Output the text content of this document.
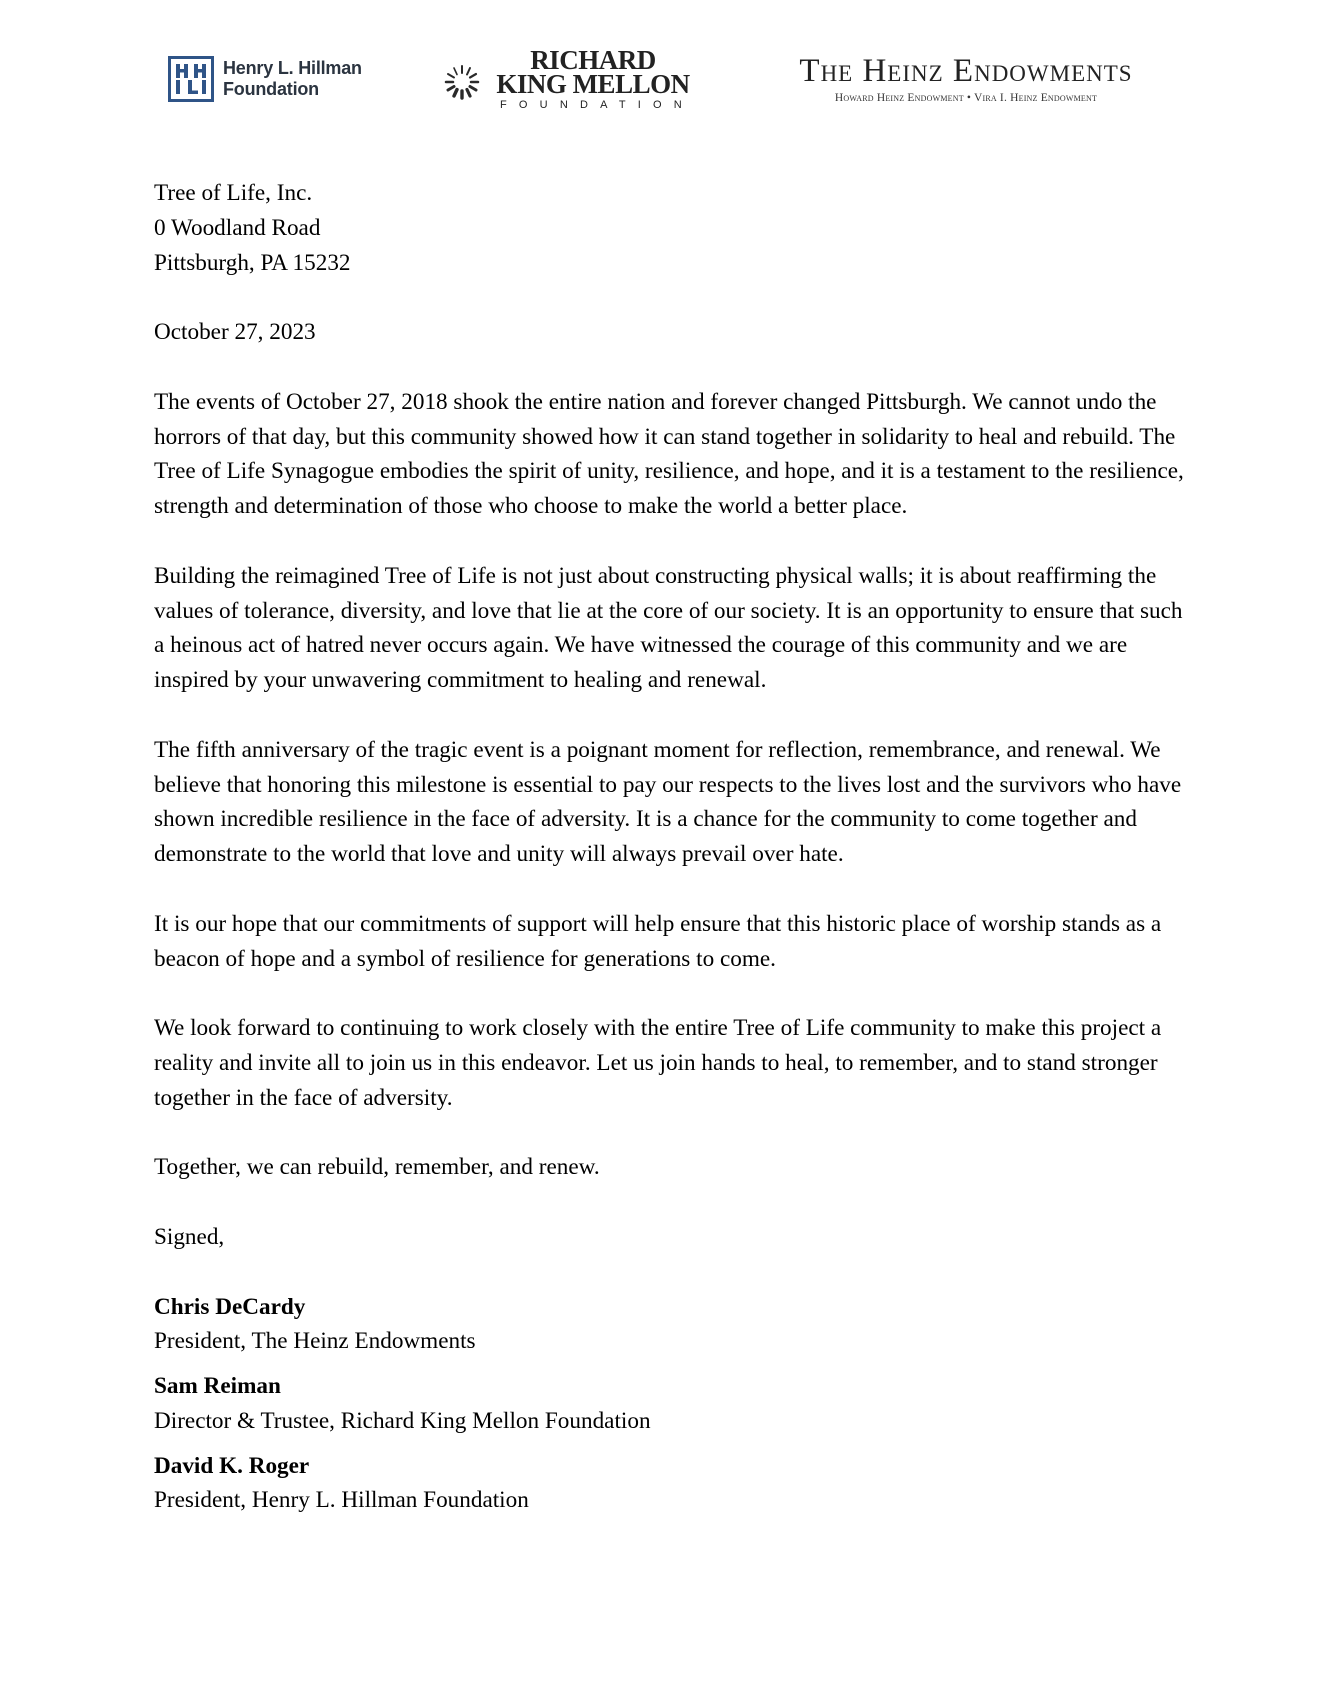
Henry L. Hillman
Foundation
RICHARD
KING MELLON
FOUNDATION
The Heinz Endowments
Howard Heinz Endowment • Vira I. Heinz Endowment
Tree of Life, Inc.
0 Woodland Road
Pittsburgh, PA 15232

October 27, 2023

The events of October 27, 2018 shook the entire nation and forever changed Pittsburgh. We cannot undo the horrors of that day, but this community showed how it can stand together in solidarity to heal and rebuild. The Tree of Life Synagogue embodies the spirit of unity, resilience, and hope, and it is a testament to the resilience, strength and determination of those who choose to make the world a better place.

Building the reimagined Tree of Life is not just about constructing physical walls; it is about reaffirming the values of tolerance, diversity, and love that lie at the core of our society. It is an opportunity to ensure that such a heinous act of hatred never occurs again. We have witnessed the courage of this community and we are inspired by your unwavering commitment to healing and renewal.

The fifth anniversary of the tragic event is a poignant moment for reflection, remembrance, and renewal. We believe that honoring this milestone is essential to pay our respects to the lives lost and the survivors who have shown incredible resilience in the face of adversity. It is a chance for the community to come together and demonstrate to the world that love and unity will always prevail over hate.

It is our hope that our commitments of support will help ensure that this historic place of worship stands as a beacon of hope and a symbol of resilience for generations to come.

We look forward to continuing to work closely with the entire Tree of Life community to make this project a reality and invite all to join us in this endeavor. Let us join hands to heal, to remember, and to stand stronger together in the face of adversity.

Together, we can rebuild, remember, and renew.

Signed,

Chris DeCardy
President, The Heinz Endowments
Sam Reiman
Director & Trustee, Richard King Mellon Foundation
David K. Roger
President, Henry L. Hillman Foundation
